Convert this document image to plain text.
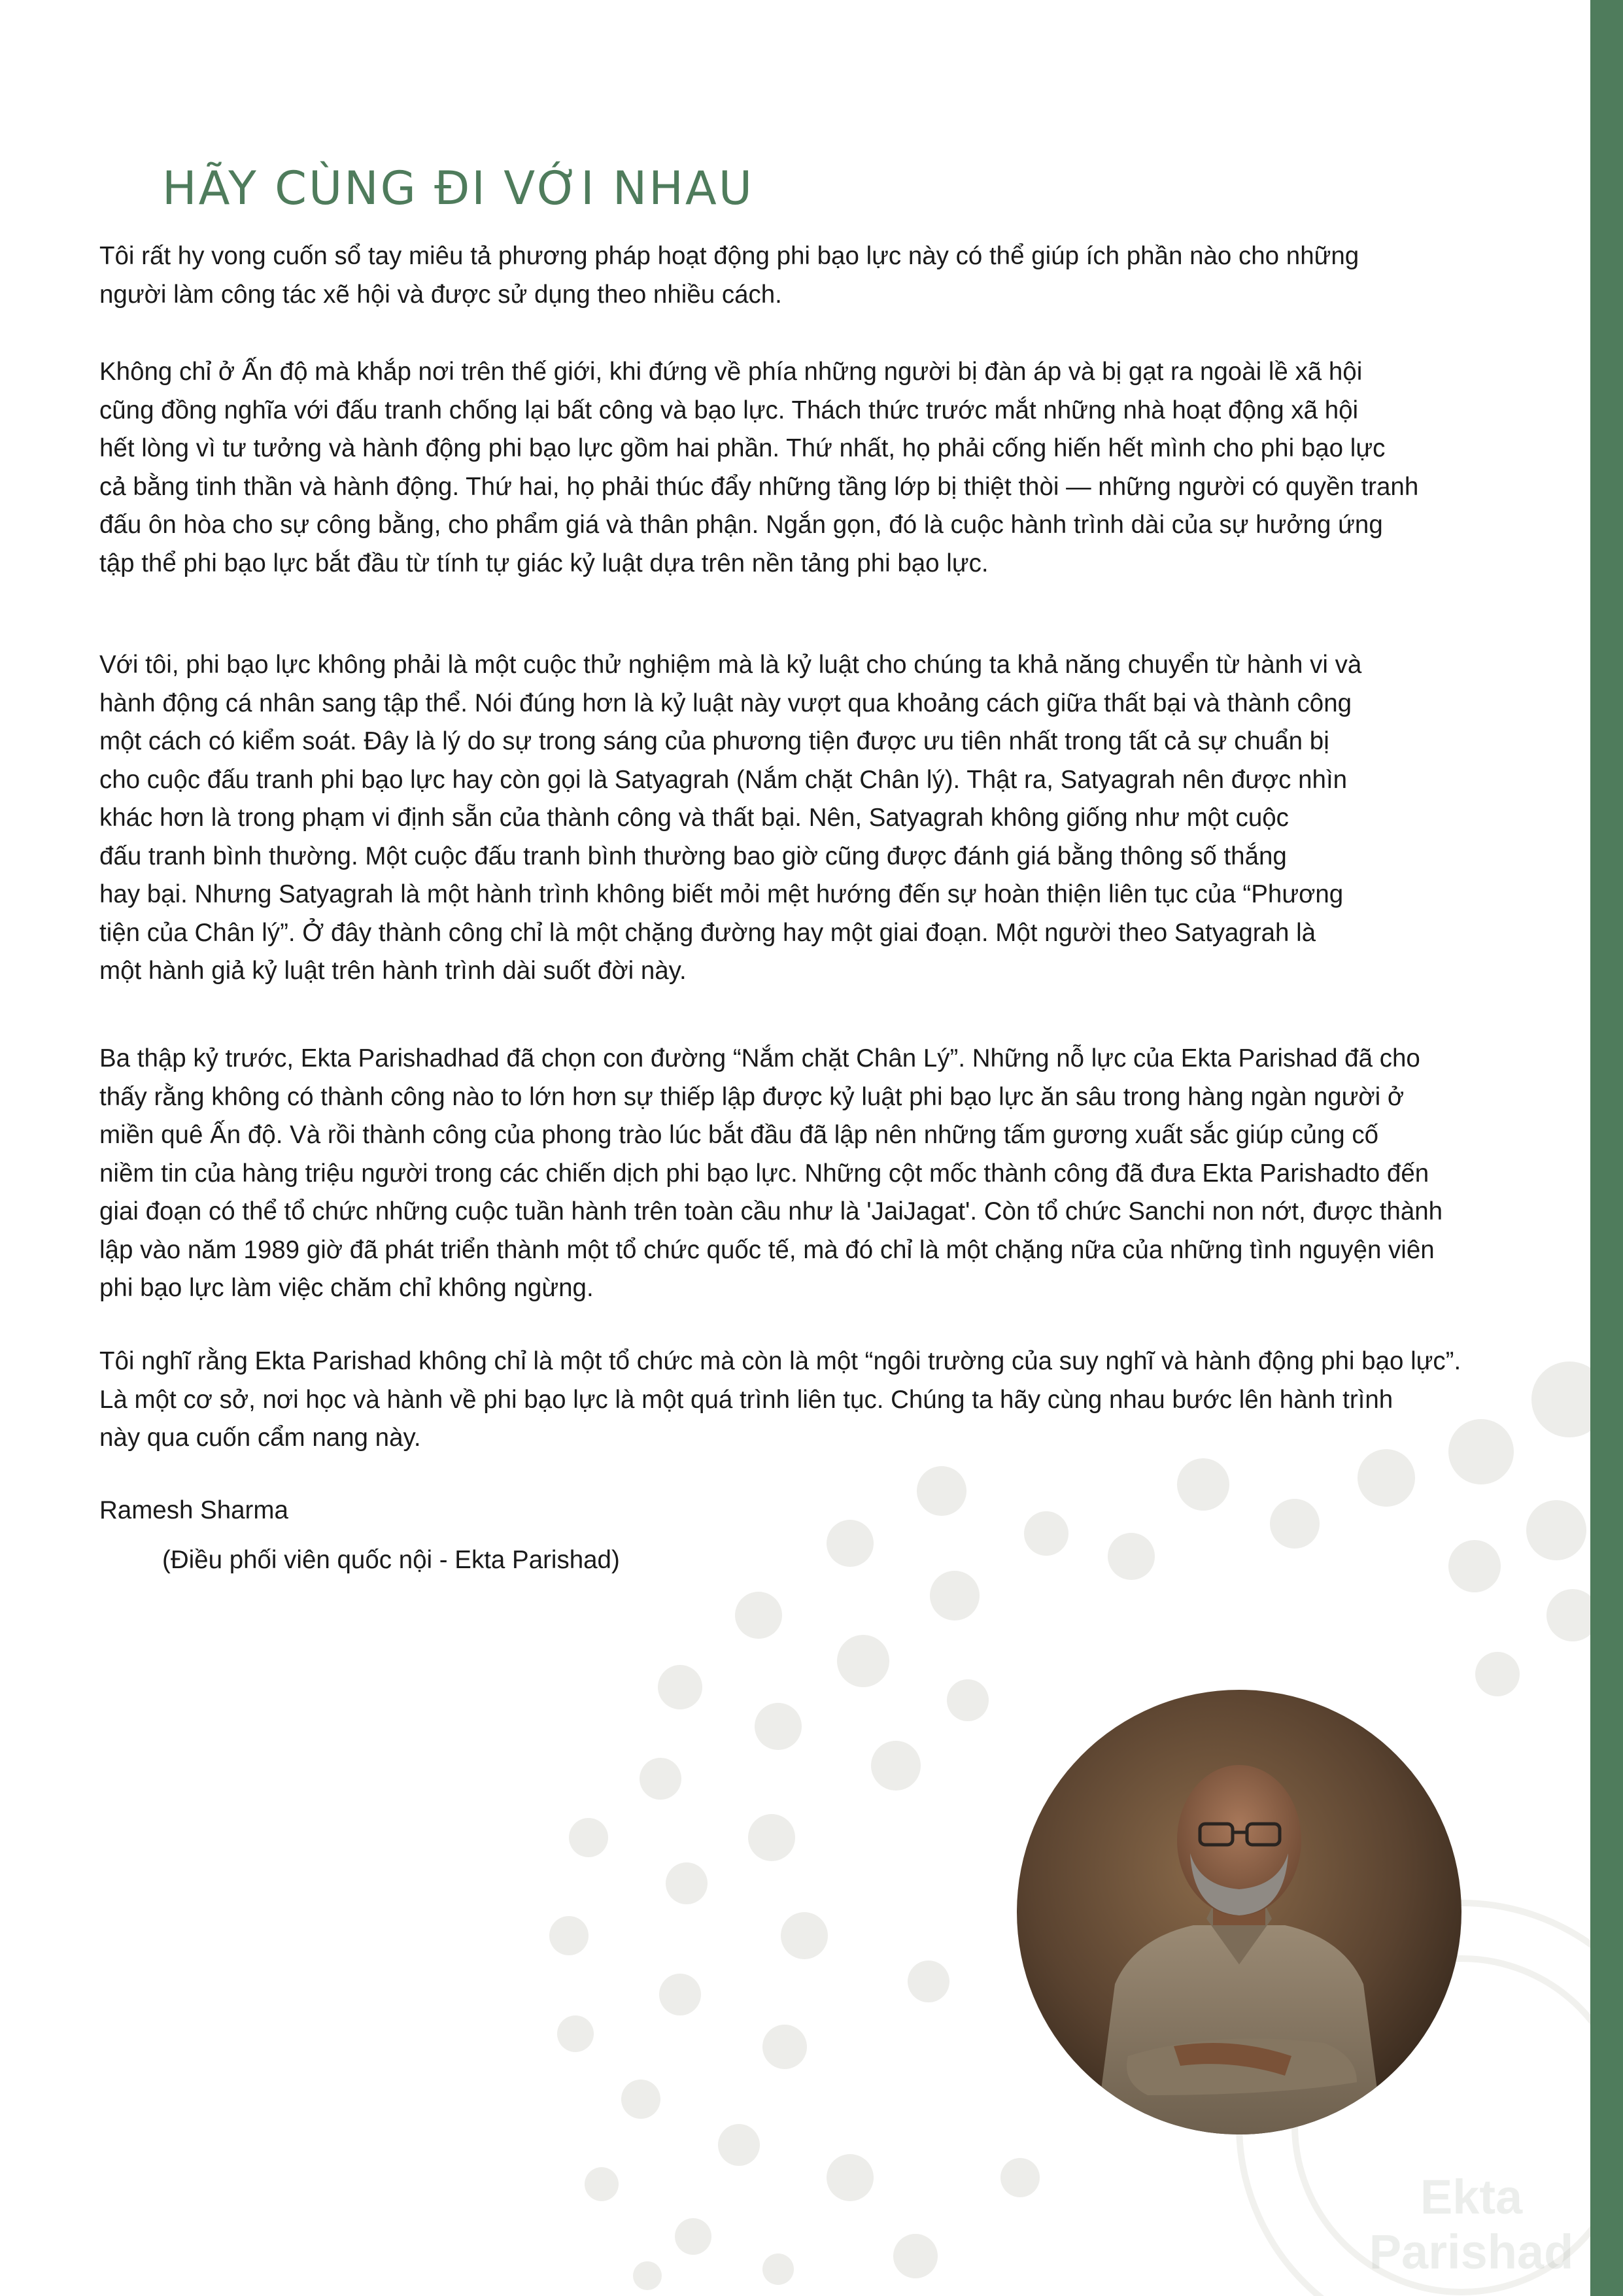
HÃY CÙNG ĐI VỚI NHAU

Tôi rất hy vong cuốn sổ tay miêu tả phương pháp hoạt động phi bạo lực này có thể giúp ích phần nào cho những

người làm công tác xẽ hội và được sử dụng theo nhiều cách.

Không chỉ ở Ấn độ mà khắp nơi trên thế giới, khi đứng về phía những người bị đàn áp và bị gạt ra ngoài lề xã hội

cũng đồng nghĩa với đấu tranh chống lại bất công và bạo lực. Thách thức trước mắt những nhà hoạt động xã hội

hết lòng vì tư tưởng và hành động phi bạo lực gồm hai phần. Thứ nhất, họ phải cống hiến hết mình cho phi bạo lực

cả bằng tinh thần và hành động. Thứ hai, họ phải thúc đẩy những tầng lớp bị thiệt thòi — những người có quyền tranh

đấu ôn hòa cho sự công bằng, cho phẩm giá và thân phận. Ngắn gọn, đó là cuộc hành trình dài của sự hưởng ứng

tập thể phi bạo lực bắt đầu từ tính tự giác kỷ luật dựa trên nền tảng phi bạo lực.

Với tôi, phi bạo lực không phải là một cuộc thử nghiệm mà là kỷ luật cho chúng ta khả năng chuyển từ hành vi và

hành động cá nhân sang tập thể. Nói đúng hơn là kỷ luật này vượt qua khoảng cách giữa thất bại và thành công

một cách có kiểm soát. Đây là lý do sự trong sáng của phương tiện được ưu tiên nhất trong tất cả sự chuẩn bị

cho cuộc đấu tranh phi bạo lực hay còn gọi là Satyagrah (Nắm chặt Chân lý). Thật ra, Satyagrah nên được nhìn

khác hơn là trong phạm vi định sẵn của thành công và thất bại. Nên, Satyagrah không giống như một cuộc

đấu tranh bình thường. Một cuộc đấu tranh bình thường bao giờ cũng được đánh giá bằng thông số thắng

hay bại. Nhưng Satyagrah là một hành trình không biết mỏi mệt hướng đến sự hoàn thiện liên tục của “Phương

tiện của Chân lý”. Ở đây thành công chỉ là một chặng đường hay một giai đoạn. Một người theo Satyagrah là

một hành giả kỷ luật trên hành trình dài suốt đời này.

Ba thập kỷ trước, Ekta Parishadhad đã chọn con đường “Nắm chặt Chân Lý”. Những nỗ lực của Ekta Parishad đã cho

thấy rằng không có thành công nào to lớn hơn sự thiếp lập được kỷ luật phi bạo lực ăn sâu trong hàng ngàn người ở

miền quê Ấn độ. Và rồi thành công của phong trào lúc bắt đầu đã lập nên những tấm gương xuất sắc giúp củng cố

niềm tin của hàng triệu người trong các chiến dịch phi bạo lực. Những cột mốc thành công đã đưa Ekta Parishadto đến

giai đoạn có thể tổ chức những cuộc tuần hành trên toàn cầu như là 'JaiJagat'. Còn tổ chức Sanchi non nớt, được thành

lập vào năm 1989 giờ đã phát triển thành một tổ chức quốc tế, mà đó chỉ là một chặng nữa của những tình nguyện viên

phi bạo lực làm việc chăm chỉ không ngừng.

Tôi nghĩ rằng Ekta Parishad không chỉ là một tổ chức mà còn là một “ngôi trường của suy nghĩ và hành động phi bạo lực”.

Là một cơ sở, nơi học và hành về phi bạo lực là một quá trình liên tục. Chúng ta hãy cùng nhau bước lên hành trình

này qua cuốn cẩm nang này.

Ramesh Sharma

(Điều phối viên quốc nội - Ekta Parishad)

Ekta
Parishad
